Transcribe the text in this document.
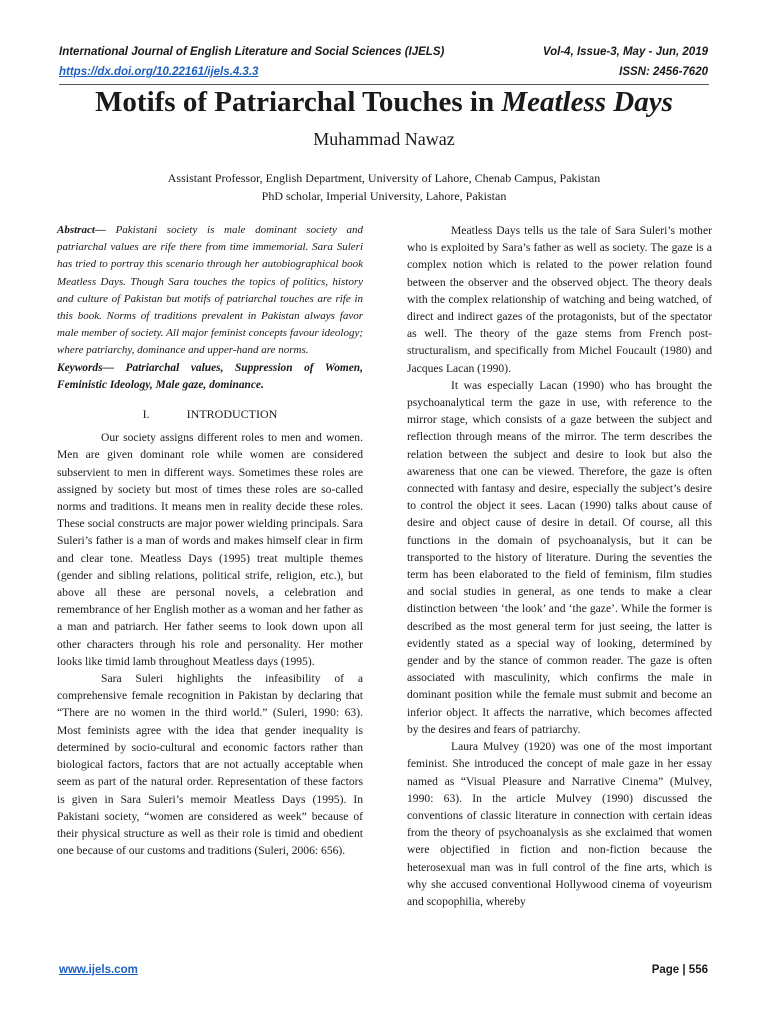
International Journal of English Literature and Social Sciences (IJELS)	Vol-4, Issue-3, May - Jun, 2019
https://dx.doi.org/10.22161/ijels.4.3.3	ISSN: 2456-7620
Motifs of Patriarchal Touches in Meatless Days
Muhammad Nawaz
Assistant Professor, English Department, University of Lahore, Chenab Campus, Pakistan
PhD scholar, Imperial University, Lahore, Pakistan

Abstract— Pakistani society is male dominant society and patriarchal values are rife there from time immemorial. Sara Suleri has tried to portray this scenario through her autobiographical book Meatless Days. Though Sara touches the topics of politics, history and culture of Pakistan but motifs of patriarchal touches are rife in this book. Norms of traditions prevalent in Pakistan always favor male member of society. All major feminist concepts favour ideology; where patriarchy, dominance and upper-hand are norms.

Keywords— Patriarchal values, Suppression of Women, Feministic Ideology, Male gaze, dominance.

I.	INTRODUCTION

Our society assigns different roles to men and women. Men are given dominant role while women are considered subservient to men in different ways. Sometimes these roles are assigned by society but most of times these roles are so-called norms and traditions. It means men in reality decide these roles. These social constructs are major power wielding principals. Sara Suleri’s father is a man of words and makes himself clear in firm and clear tone. Meatless Days (1995) treat multiple themes (gender and sibling relations, political strife, religion, etc.), but above all these are personal novels, a celebration and remembrance of her English mother as a woman and her father as a man and patriarch. Her father seems to look down upon all other characters through his role and personality. Her mother looks like timid lamb throughout Meatless days (1995).

Sara Suleri highlights the infeasibility of a comprehensive female recognition in Pakistan by declaring that “There are no women in the third world.” (Suleri, 1990: 63). Most feminists agree with the idea that gender inequality is determined by socio-cultural and economic factors rather than biological factors, factors that are not actually acceptable when seem as part of the natural order. Representation of these factors is given in Sara Suleri’s memoir Meatless Days (1995). In Pakistani society, “women are considered as week” because of their physical structure as well as their role is timid and obedient one because of our customs and traditions (Suleri, 2006: 656).

Meatless Days tells us the tale of Sara Suleri’s mother who is exploited by Sara’s father as well as society. The gaze is a complex notion which is related to the power relation found between the observer and the observed object. The theory deals with the complex relationship of watching and being watched, of direct and indirect gazes of the protagonists, but of the spectator as well. The theory of the gaze stems from French post-structuralism, and specifically from Michel Foucault (1980) and Jacques Lacan (1990).

It was especially Lacan (1990) who has brought the psychoanalytical term the gaze in use, with reference to the mirror stage, which consists of a gaze between the subject and reflection through means of the mirror. The term describes the relation between the subject and desire to look but also the awareness that one can be viewed. Therefore, the gaze is often connected with fantasy and desire, especially the subject’s desire to control the object it sees. Lacan (1990) talks about cause of desire and object cause of desire in detail. Of course, all this functions in the domain of psychoanalysis, but it can be transported to the history of literature. During the seventies the term has been elaborated to the field of feminism, film studies and social studies in general, as one tends to make a clear distinction between ‘the look’ and ‘the gaze’. While the former is described as the most general term for just seeing, the latter is evidently stated as a special way of looking, determined by gender and by the stance of common reader. The gaze is often associated with masculinity, which confirms the male in dominant position while the female must submit and become an inferior object. It affects the narrative, which becomes affected by the desires and fears of patriarchy.

Laura Mulvey (1920) was one of the most important feminist. She introduced the concept of male gaze in her essay named as “Visual Pleasure and Narrative Cinema” (Mulvey, 1990: 63). In the article Mulvey (1990) discussed the conventions of classic literature in connection with certain ideas from the theory of psychoanalysis as she exclaimed that women were objectified in fiction and non-fiction because the heterosexual man was in full control of the fine arts, which is why she accused conventional Hollywood cinema of voyeurism and scopophilia, whereby

www.ijels.com	Page | 556
